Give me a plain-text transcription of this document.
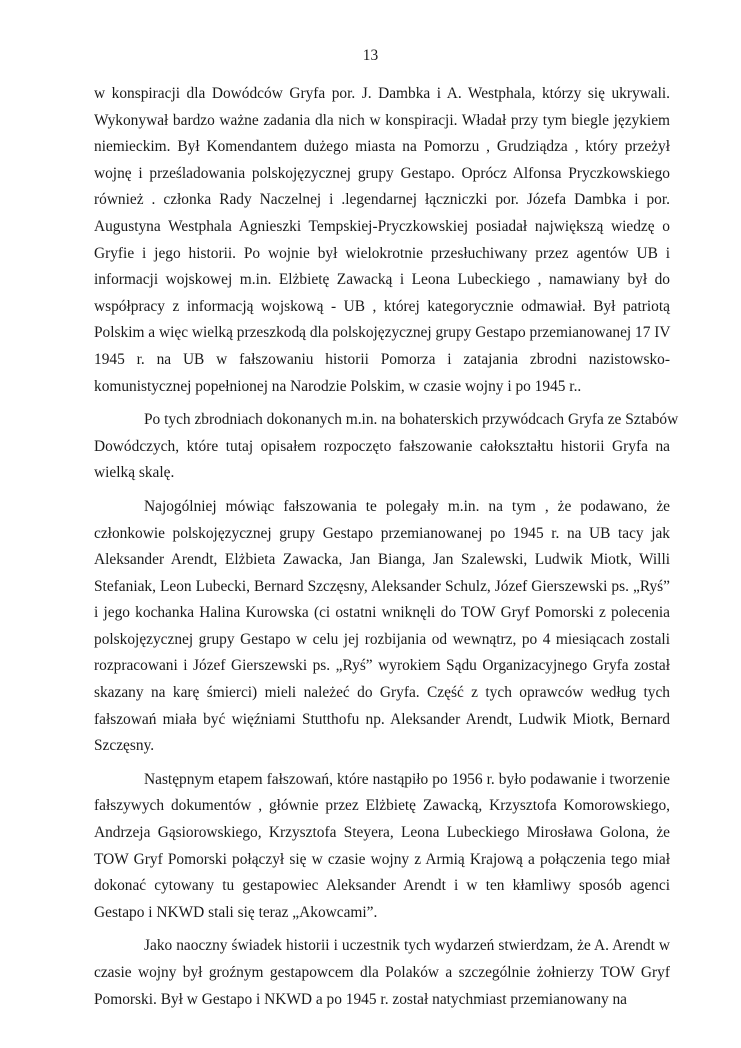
13
w konspiracji dla Dowódców Gryfa por. J. Dambka i A. Westphala, którzy się ukrywali.
Wykonywał bardzo ważne zadania dla nich w konspiracji. Władał przy tym biegle językiem
niemieckim. Był Komendantem dużego miasta na Pomorzu , Grudziądza , który przeżył
wojnę i prześladowania polskojęzycznej grupy Gestapo. Oprócz Alfonsa Pryczkowskiego
również . członka Rady Naczelnej i .legendarnej łączniczki por. Józefa Dambka i por.
Augustyna Westphala Agnieszki Tempskiej-Pryczkowskiej posiadał największą wiedzę o
Gryfie i jego historii. Po wojnie był wielokrotnie przesłuchiwany przez agentów UB i
informacji wojskowej m.in. Elżbietę Zawacką i Leona Lubeckiego , namawiany był do
współpracy z informacją wojskową - UB , której kategorycznie odmawiał. Był patriotą
Polskim a więc wielką przeszkodą dla polskojęzycznej grupy Gestapo przemianowanej 17 IV
1945 r. na UB w fałszowaniu historii Pomorza i zatajania zbrodni nazistowsko-
komunistycznej popełnionej na Narodzie Polskim, w czasie wojny i po 1945 r..
Po tych zbrodniach dokonanych m.in. na bohaterskich przywódcach Gryfa ze Sztabów
Dowódczych, które tutaj opisałem rozpoczęto fałszowanie całokształtu historii Gryfa na
wielką skalę.
Najogólniej mówiąc fałszowania te polegały m.in. na tym , że podawano, że
członkowie polskojęzycznej grupy Gestapo przemianowanej po 1945 r. na UB tacy jak
Aleksander Arendt, Elżbieta Zawacka, Jan Bianga, Jan Szalewski, Ludwik Miotk, Willi
Stefaniak, Leon Lubecki, Bernard Szczęsny, Aleksander Schulz, Józef Gierszewski ps. „Ryś”
i jego kochanka Halina Kurowska (ci ostatni wniknęli do TOW Gryf Pomorski z polecenia
polskojęzycznej grupy Gestapo w celu jej rozbijania od wewnątrz, po 4 miesiącach zostali
rozpracowani i Józef Gierszewski ps. „Ryś” wyrokiem Sądu Organizacyjnego Gryfa został
skazany na karę śmierci) mieli należeć do Gryfa. Część z tych oprawców według tych
fałszowań miała być więźniami Stutthofu np. Aleksander Arendt, Ludwik Miotk, Bernard
Szczęsny.
Następnym etapem fałszowań, które nastąpiło po 1956 r. było podawanie i tworzenie
fałszywych dokumentów , głównie przez Elżbietę Zawacką, Krzysztofa Komorowskiego,
Andrzeja Gąsiorowskiego, Krzysztofa Steyera, Leona Lubeckiego Mirosława Golona, że
TOW Gryf Pomorski połączył się w czasie wojny z Armią Krajową a połączenia tego miał
dokonać cytowany tu gestapowiec Aleksander Arendt i w ten kłamliwy sposób agenci
Gestapo i NKWD stali się teraz „Akowcami”.
Jako naoczny świadek historii i uczestnik tych wydarzeń stwierdzam, że A. Arendt w
czasie wojny był groźnym gestapowcem dla Polaków a szczególnie żołnierzy TOW Gryf
Pomorski. Był w Gestapo i NKWD a po 1945 r. został natychmiast przemianowany na
